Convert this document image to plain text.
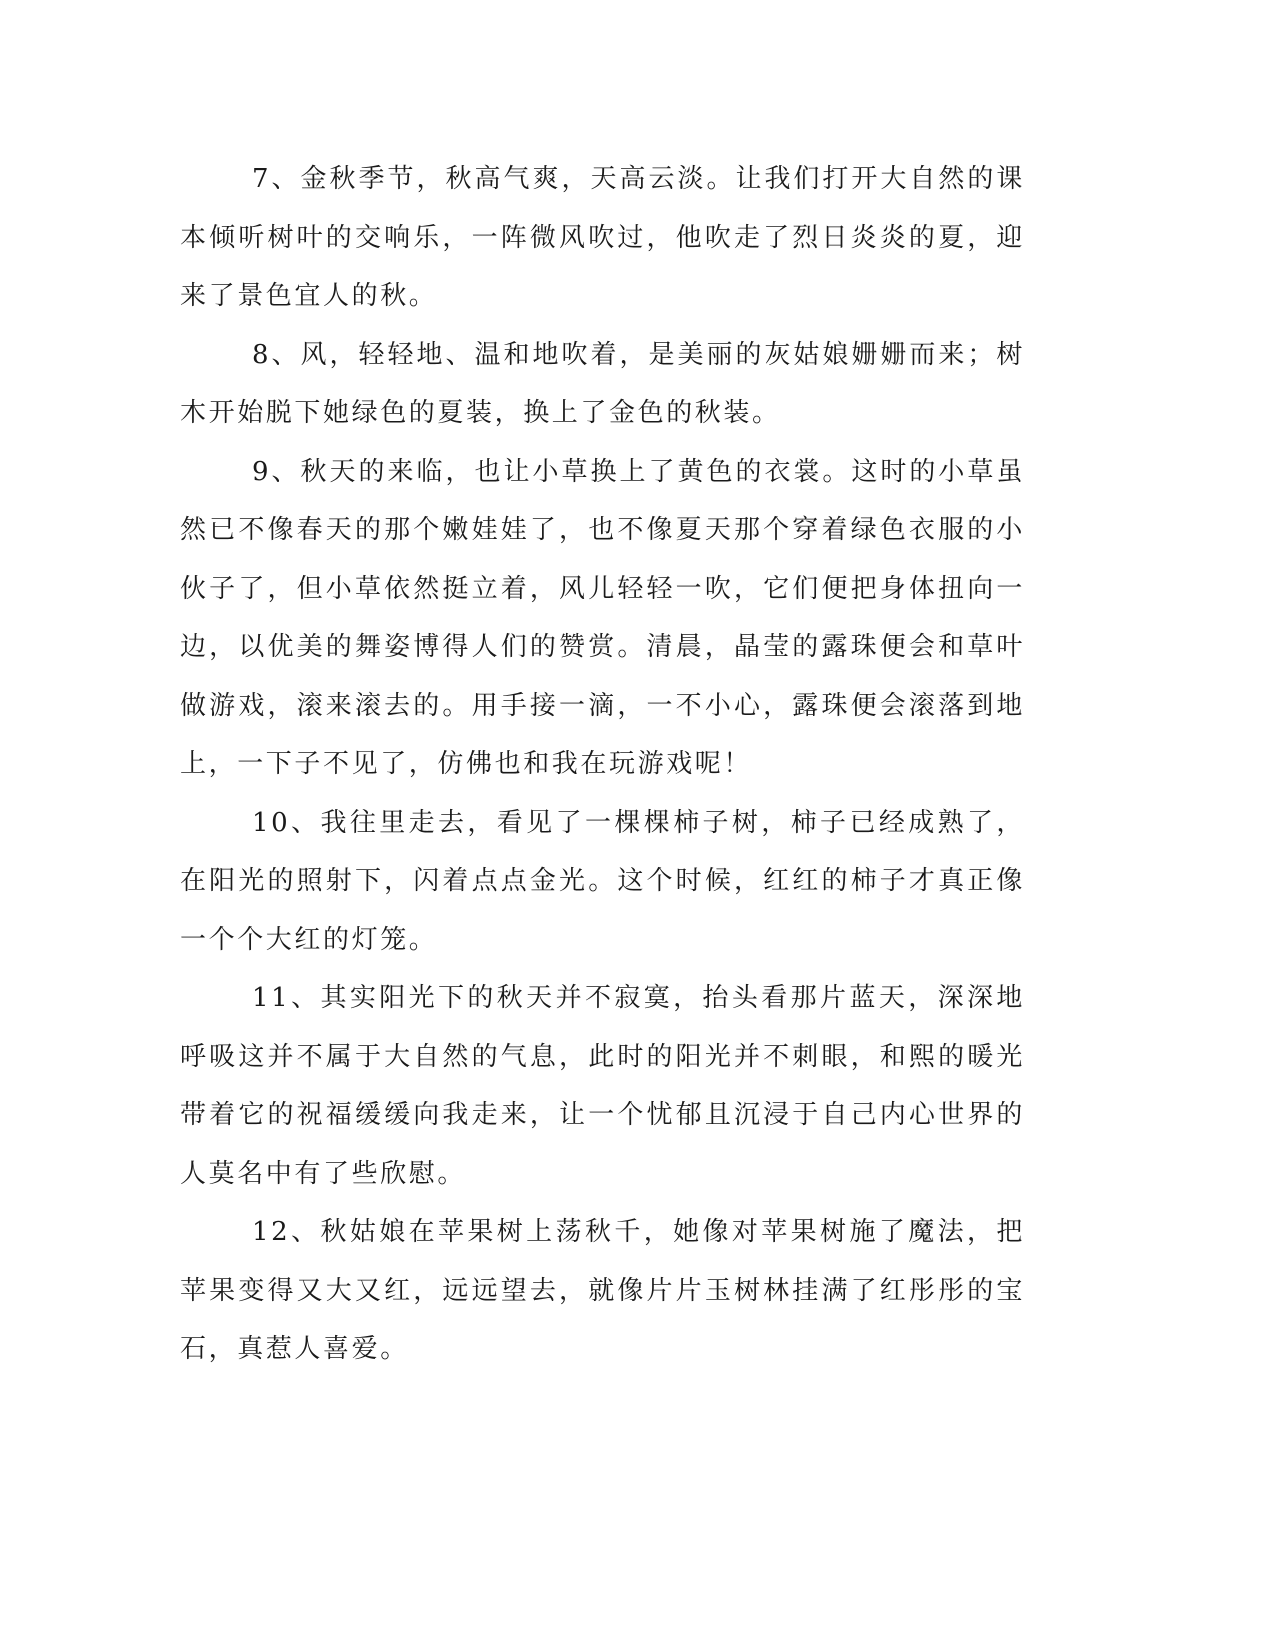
7、金秋季节，秋高气爽，天高云淡。让我们打开大自然的课本倾听树叶的交响乐，一阵微风吹过，他吹走了烈日炎炎的夏，迎来了景色宜人的秋。

8、风，轻轻地、温和地吹着，是美丽的灰姑娘姗姗而来；树木开始脱下她绿色的夏装，换上了金色的秋装。

9、秋天的来临，也让小草换上了黄色的衣裳。这时的小草虽然已不像春天的那个嫩娃娃了，也不像夏天那个穿着绿色衣服的小伙子了，但小草依然挺立着，风儿轻轻一吹，它们便把身体扭向一边，以优美的舞姿博得人们的赞赏。清晨，晶莹的露珠便会和草叶做游戏，滚来滚去的。用手接一滴，一不小心，露珠便会滚落到地上，一下子不见了，仿佛也和我在玩游戏呢！

10、我往里走去，看见了一棵棵柿子树，柿子已经成熟了，在阳光的照射下，闪着点点金光。这个时候，红红的柿子才真正像一个个大红的灯笼。

11、其实阳光下的秋天并不寂寞，抬头看那片蓝天，深深地呼吸这并不属于大自然的气息，此时的阳光并不刺眼，和熙的暖光带着它的祝福缓缓向我走来，让一个忧郁且沉浸于自己内心世界的人莫名中有了些欣慰。

12、秋姑娘在苹果树上荡秋千，她像对苹果树施了魔法，把苹果变得又大又红，远远望去，就像片片玉树林挂满了红彤彤的宝石，真惹人喜爱。
